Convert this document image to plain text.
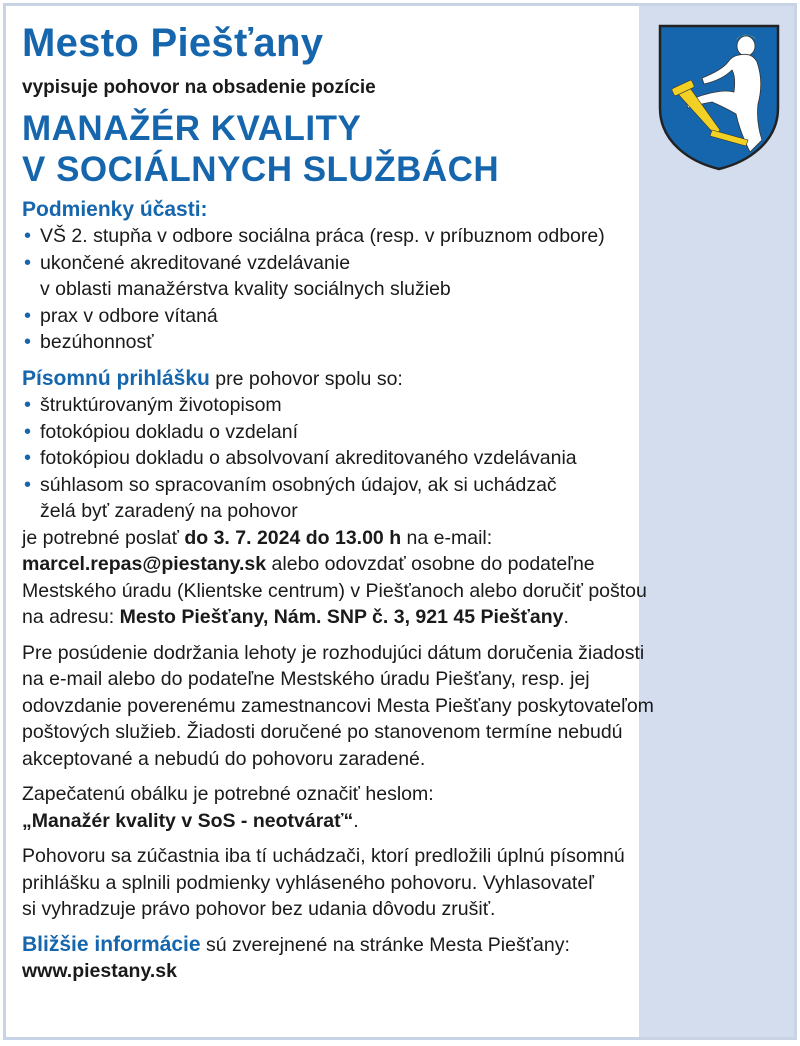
Mesto Piešťany
vypisuje pohovor na obsadenie pozície
MANAŽÉR KVALITY
V SOCIÁLNYCH SLUŽBÁCH
Podmienky účasti:
• VŠ 2. stupňa v odbore sociálna práca (resp. v príbuznom odbore)
• ukončené akreditované vzdelávanie
v oblasti manažérstva kvality sociálnych služieb
• prax v odbore vítaná
• bezúhonnosť
Písomnú prihlášku pre pohovor spolu so:
• štruktúrovaným životopisom
• fotokópiou dokladu o vzdelaní
• fotokópiou dokladu o absolvovaní akreditovaného vzdelávania
• súhlasom so spracovaním osobných údajov, ak si uchádzač
želá byť zaradený na pohovor
je potrebné poslať do 3. 7. 2024 do 13.00 h na e-mail:
marcel.repas@piestany.sk alebo odovzdať osobne do podateľne
Mestského úradu (Klientske centrum) v Piešťanoch alebo doručiť poštou
na adresu: Mesto Piešťany, Nám. SNP č. 3, 921 45 Piešťany.
Pre posúdenie dodržania lehoty je rozhodujúci dátum doručenia žiadosti
na e-mail alebo do podateľne Mestského úradu Piešťany, resp. jej
odovzdanie poverenému zamestnancovi Mesta Piešťany poskytovateľom
poštových služieb. Žiadosti doručené po stanovenom termíne nebudú
akceptované a nebudú do pohovoru zaradené.
Zapečatenú obálku je potrebné označiť heslom:
„Manažér kvality v SoS - neotvárať“.
Pohovoru sa zúčastnia iba tí uchádzači, ktorí predložili úplnú písomnú
prihlášku a splnili podmienky vyhláseného pohovoru. Vyhlasovateľ
si vyhradzuje právo pohovor bez udania dôvodu zrušiť.
Bližšie informácie sú zverejnené na stránke Mesta Piešťany:
www.piestany.sk
